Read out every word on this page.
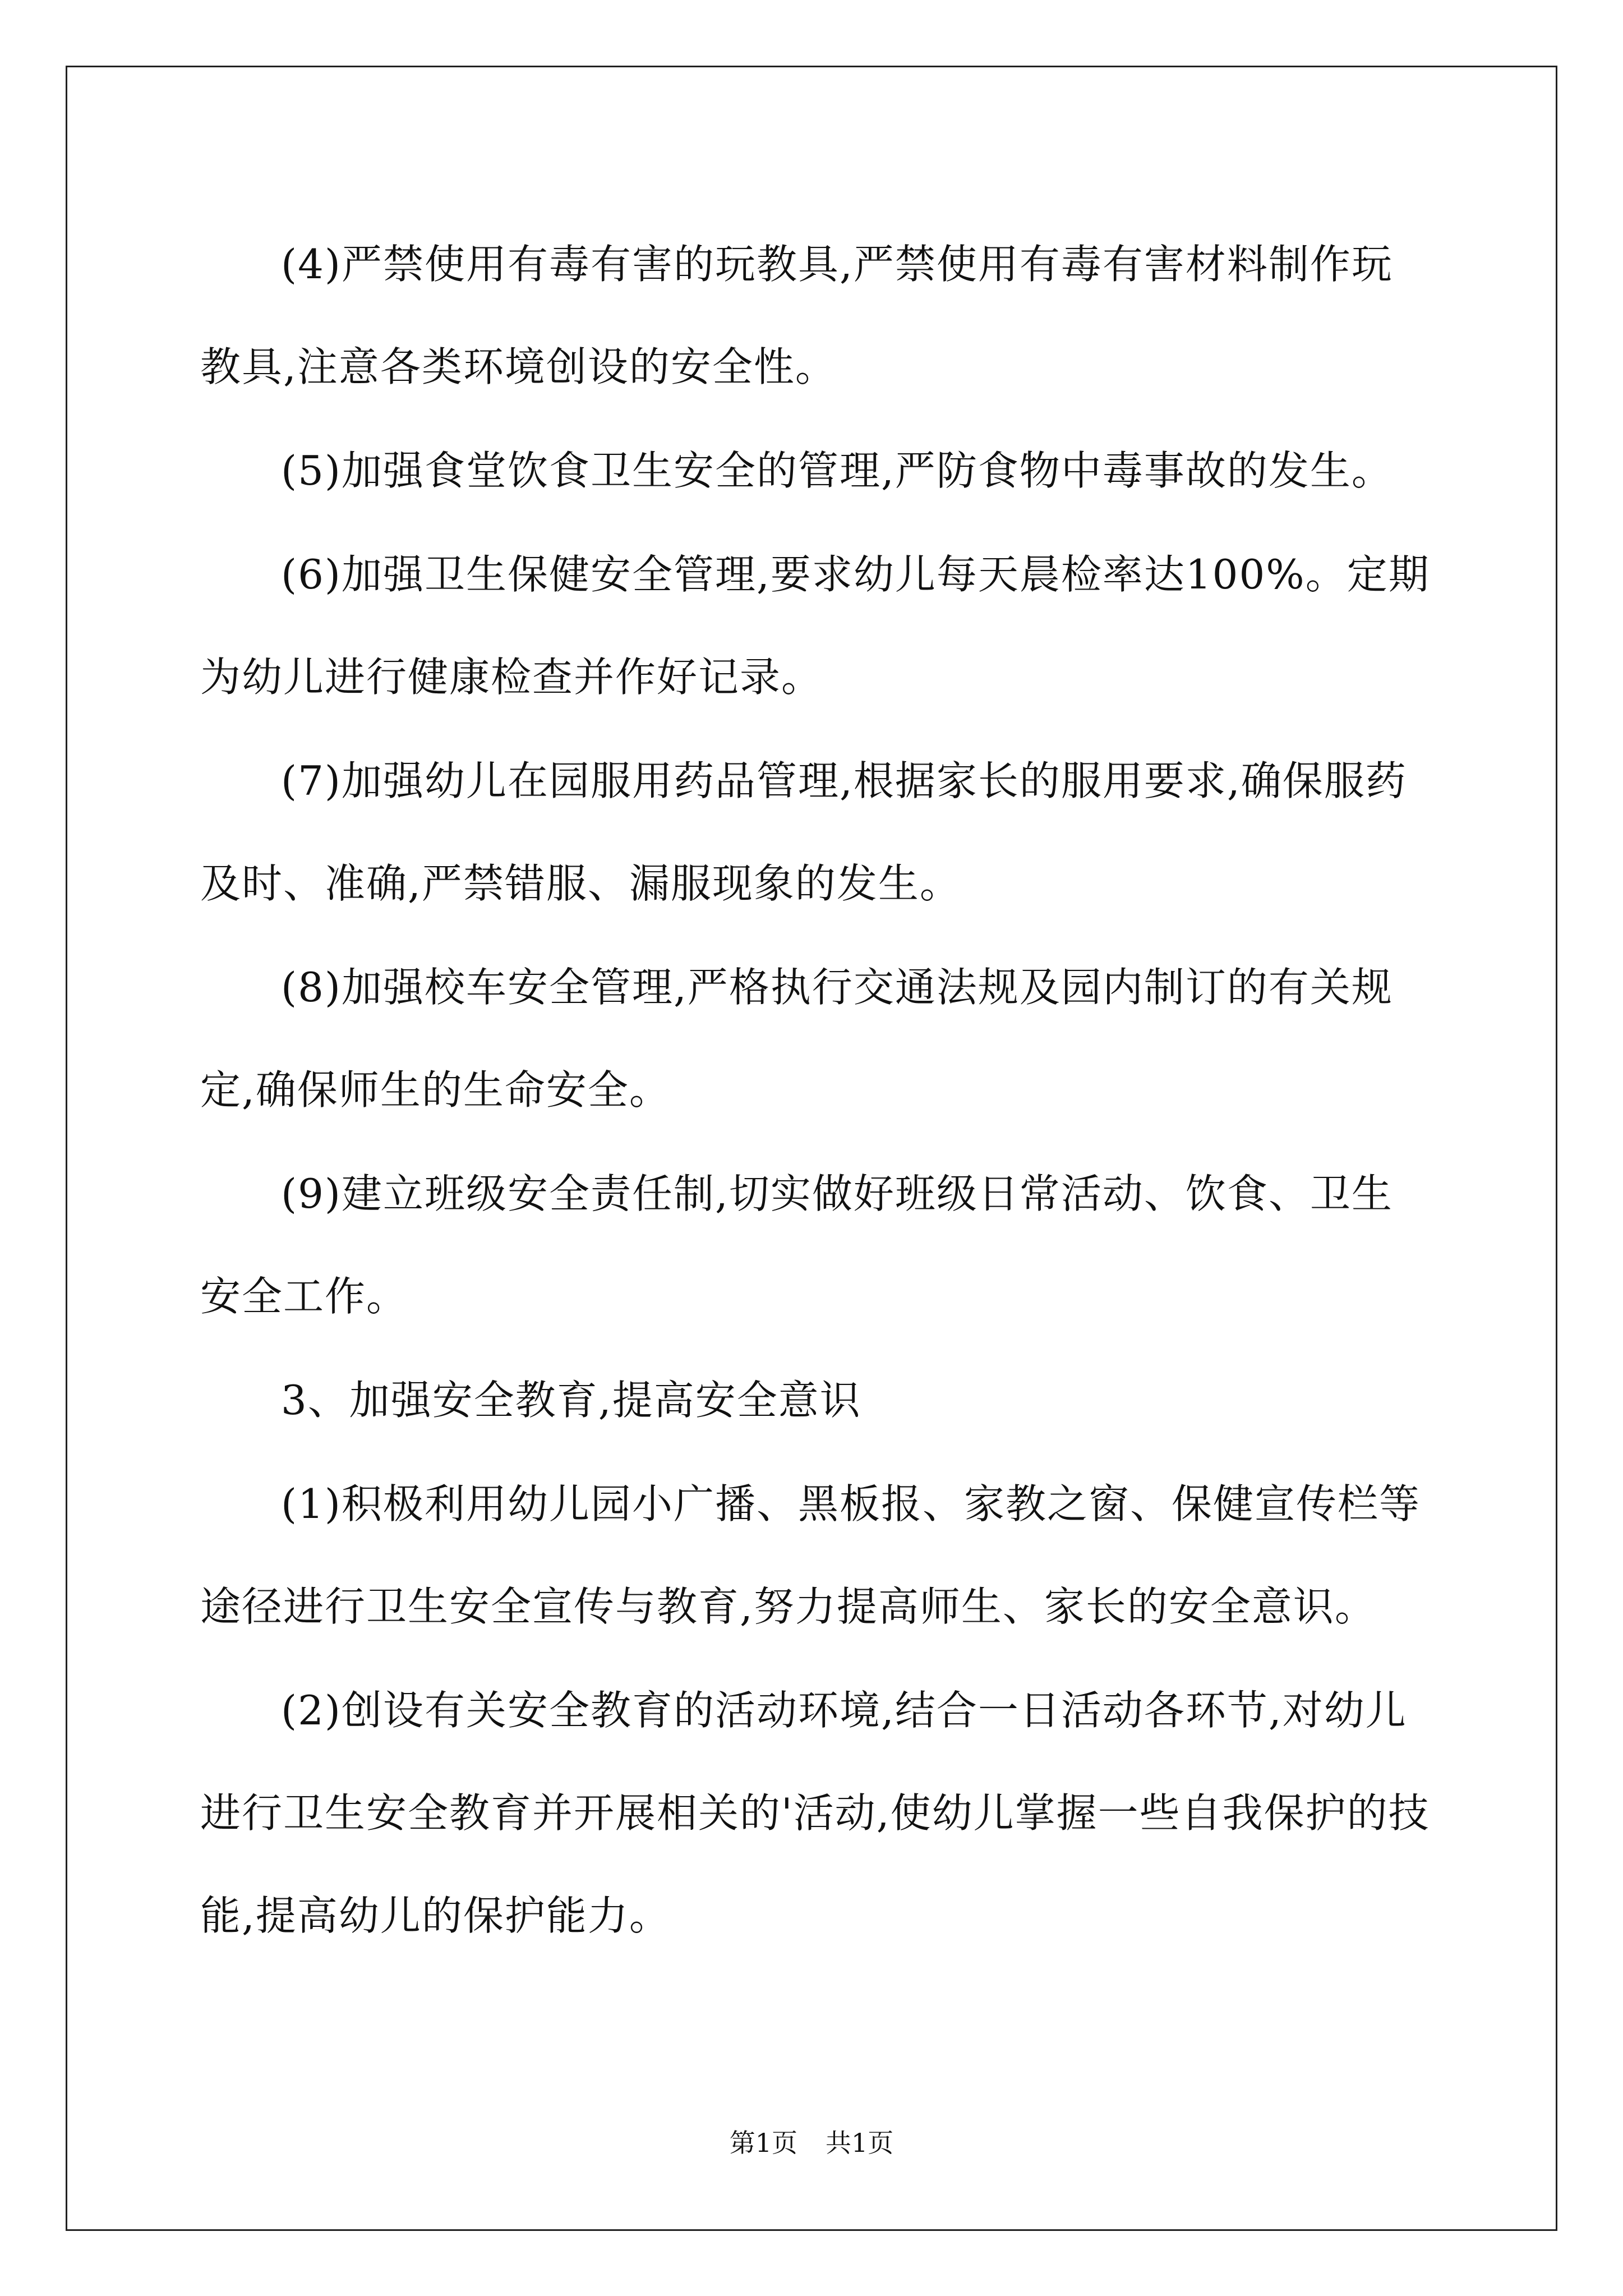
(4)严禁使用有毒有害的玩教具,严禁使用有毒有害材料制作玩教具,注意各类环境创设的安全性。

(5)加强食堂饮食卫生安全的管理,严防食物中毒事故的发生。

(6)加强卫生保健安全管理,要求幼儿每天晨检率达100%。定期为幼儿进行健康检查并作好记录。

(7)加强幼儿在园服用药品管理,根据家长的服用要求,确保服药及时、准确,严禁错服、漏服现象的发生。

(8)加强校车安全管理,严格执行交通法规及园内制订的有关规定,确保师生的生命安全。

(9)建立班级安全责任制,切实做好班级日常活动、饮食、卫生安全工作。

3、加强安全教育,提高安全意识

(1)积极利用幼儿园小广播、黑板报、家教之窗、保健宣传栏等途径进行卫生安全宣传与教育,努力提高师生、家长的安全意识。

(2)创设有关安全教育的活动环境,结合一日活动各环节,对幼儿进行卫生安全教育并开展相关的'活动,使幼儿掌握一些自我保护的技能,提高幼儿的保护能力。

第1页 共1页
